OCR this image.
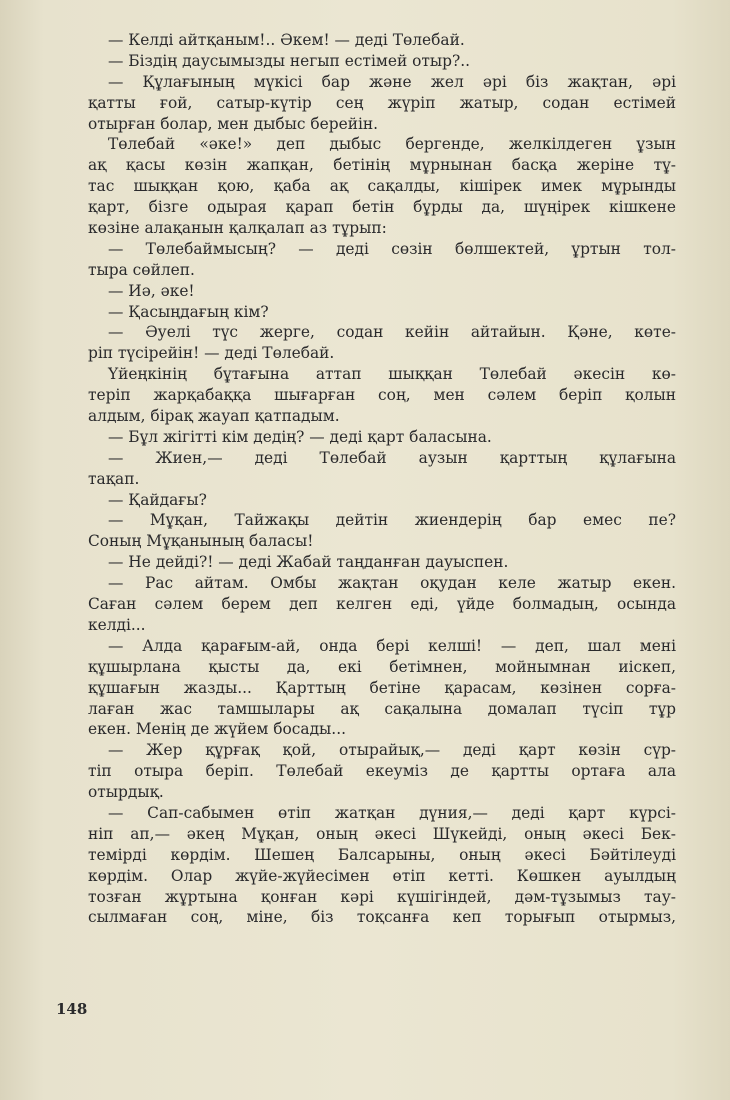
— Келді айтқаным!.. Әкем! — деді Төлебай.
— Біздің даусымызды негып естімей отыр?..
— Құлағының мүкісі бар және жел әрі біз жақтан, әрі
қатты ғой, сатыр-күтір сең жүріп жатыр, содан естімей
отырған болар, мен дыбыс берейін.
Төлебай «әке!» деп дыбыс бергенде, желкілдеген ұзын
ақ қасы көзін жапқан, бетінің мұрнынан басқа жеріне тұ-
тас шыққан қою, қаба ақ сақалды, кішірек имек мұрынды
қарт, бізге одырая қарап бетін бұрды да, шүңірек кішкене
көзіне алақанын қалқалап аз тұрып:
— Төлебаймысың? — деді сөзін бөлшектей, ұртын тол-
тыра сөйлеп.
— Иә, әке!
— Қасыңдағың кім?
— Әуелі түс жерге, содан кейін айтайын. Қәне, көте-
ріп түсірейін! — деді Төлебай.
Үйеңкінің бұтағына аттап шыққан Төлебай әкесін кө-
теріп жарқабаққа шығарған соң, мен сәлем беріп қолын
алдым, бірақ жауап қатпадым.
— Бұл жігітті кім дедің? — деді қарт баласына.
— Жиен,— деді Төлебай аузын қарттың құлағына
тақап.
— Қайдағы?
— Мұқан, Тайжақы дейтін жиендерің бар емес пе?
Соның Мұқанының баласы!
— Не дейді?! — деді Жабай таңданған дауыспен.
— Рас айтам. Омбы жақтан оқудан келе жатыр екен.
Саған сәлем берем деп келген еді, үйде болмадың, осында
келді...
— Алда қарағым-ай, онда бері келші! — деп, шал мені
құшырлана қысты да, екі бетімнен, мойнымнан иіскеп,
құшағын жазды... Қарттың бетіне қарасам, көзінен сорға-
лаған жас тамшылары ақ сақалына домалап түсіп тұр
екен. Менің де жүйем босады...
— Жер құрғақ қой, отырайық,— деді қарт көзін сүр-
тіп отыра беріп. Төлебай екеуміз де қартты ортаға ала
отырдық.
— Сап-сабымен өтіп жатқан дүния,— деді қарт күрсі-
ніп ап,— әкең Мұқан, оның әкесі Шүкейді, оның әкесі Бек-
темірді көрдім. Шешең Балсарыны, оның әкесі Бәйтілеуді
көрдім. Олар жүйе-жүйесімен өтіп кетті. Көшкен ауылдың
тозған жұртына қонған кәрі күшігіндей, дәм-тұзымыз тау-
сылмаған соң, міне, біз тоқсанға кеп торығып отырмыз,
148
